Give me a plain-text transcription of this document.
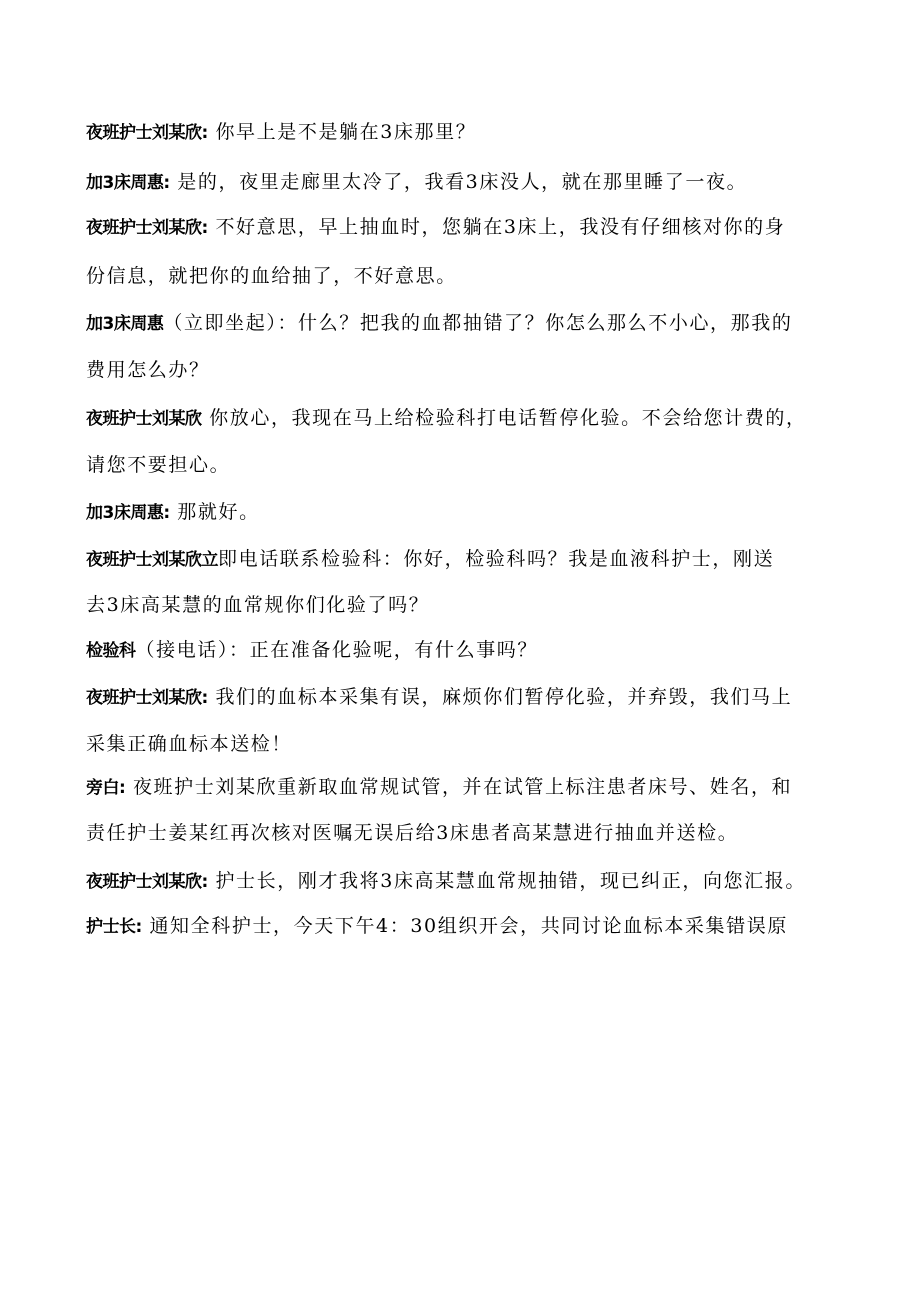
夜班护士刘某欣: 你早上是不是躺在3床那里？
加3床周惠: 是的，夜里走廊里太冷了，我看3床没人，就在那里睡了一夜。
夜班护士刘某欣: 不好意思，早上抽血时，您躺在3床上，我没有仔细核对你的身
份信息，就把你的血给抽了，不好意思。
加3床周惠（立即坐起）：什么？把我的血都抽错了？你怎么那么不小心，那我的
费用怎么办？
夜班护士刘某欣 你放心，我现在马上给检验科打电话暂停化验。不会给您计费的，
请您不要担心。
加3床周惠: 那就好。
夜班护士刘某欣立即电话联系检验科：你好，检验科吗？我是血液科护士，刚送
去3床高某慧的血常规你们化验了吗？
检验科（接电话）：正在准备化验呢，有什么事吗？
夜班护士刘某欣: 我们的血标本采集有误，麻烦你们暂停化验，并弃毁，我们马上
采集正确血标本送检！
旁白: 夜班护士刘某欣重新取血常规试管，并在试管上标注患者床号、姓名，和
责任护士姜某红再次核对医嘱无误后给3床患者高某慧进行抽血并送检。
夜班护士刘某欣: 护士长，刚才我将3床高某慧血常规抽错，现已纠正，向您汇报。
护士长: 通知全科护士，今天下午4：30组织开会，共同讨论血标本采集错误原
